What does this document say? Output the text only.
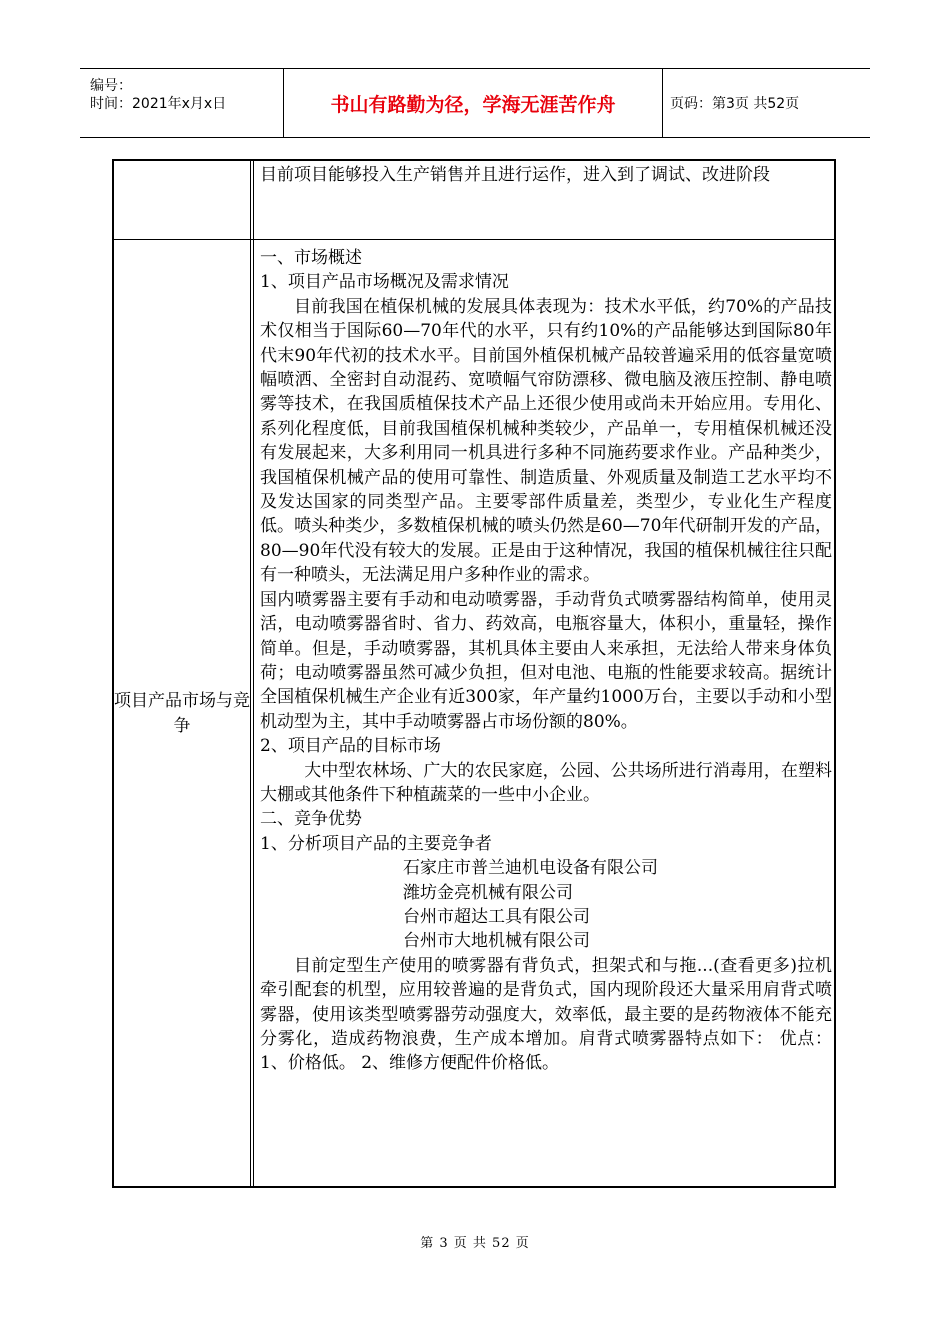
编号：
时间：2021年x月x日	书山有路勤为径，学海无涯苦作舟	页码：第3页 共52页
目前项目能够投入生产销售并且进行运作，进入到了调试、改进阶段
项目产品市场与竞争

一、市场概述

1、项目产品市场概况及需求情况

目前我国在植保机械的发展具体表现为：技术水平低，约70%的产品技术仅相当于国际60—70年代的水平，只有约10%的产品能够达到国际80年代末90年代初的技术水平。目前国外植保机械产品较普遍采用的低容量宽喷幅喷洒、全密封自动混药、宽喷幅气帘防漂移、微电脑及液压控制、静电喷雾等技术，在我国质植保技术产品上还很少使用或尚未开始应用。专用化、系列化程度低，目前我国植保机械种类较少，产品单一，专用植保机械还没有发展起来，大多利用同一机具进行多种不同施药要求作业。产品种类少，我国植保机械产品的使用可靠性、制造质量、外观质量及制造工艺水平均不及发达国家的同类型产品。主要零部件质量差，类型少，专业化生产程度低。喷头种类少，多数植保机械的喷头仍然是60—70年代研制开发的产品，80—90年代没有较大的发展。正是由于这种情况，我国的植保机械往往只配有一种喷头，无法满足用户多种作业的需求。

国内喷雾器主要有手动和电动喷雾器，手动背负式喷雾器结构简单，使用灵活，电动喷雾器省时、省力、药效高，电瓶容量大，体积小，重量轻，操作简单。但是，手动喷雾器，其机具体主要由人来承担，无法给人带来身体负荷；电动喷雾器虽然可减少负担，但对电池、电瓶的性能要求较高。据统计全国植保机械生产企业有近300家，年产量约1000万台，主要以手动和小型机动型为主，其中手动喷雾器占市场份额的80%。

2、项目产品的目标市场

大中型农林场、广大的农民家庭，公园、公共场所进行消毒用，在塑料大棚或其他条件下种植蔬菜的一些中小企业。

二、竞争优势

1、分析项目产品的主要竞争者

石家庄市普兰迪机电设备有限公司

潍坊金亮机械有限公司

台州市超达工具有限公司

台州市大地机械有限公司

目前定型生产使用的喷雾器有背负式，担架式和与拖...(查看更多)拉机牵引配套的机型，应用较普遍的是背负式，国内现阶段还大量采用肩背式喷雾器，使用该类型喷雾器劳动强度大，效率低，最主要的是药物液体不能充分雾化，造成药物浪费，生产成本增加。肩背式喷雾器特点如下： 优点：1、价格低。 2、维修方便配件价格低。

第 3 页 共 52 页
